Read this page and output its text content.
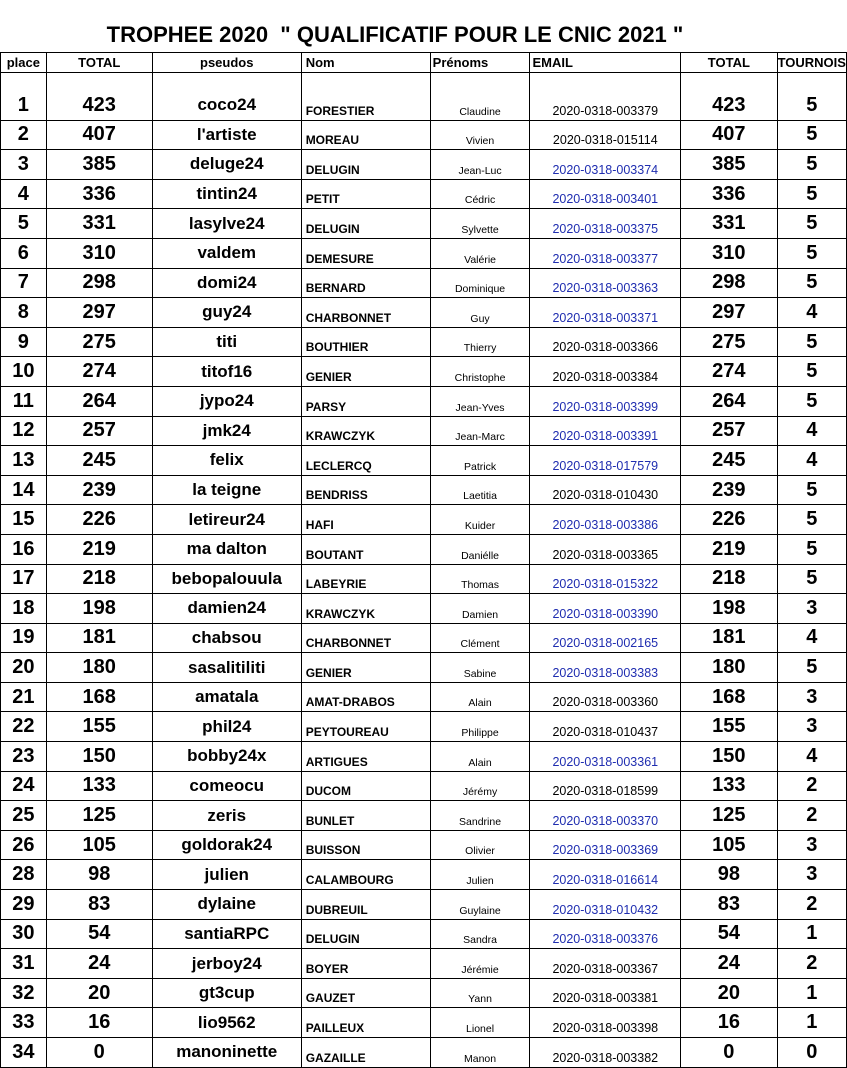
TROPHEE 2020  " QUALIFICATIF POUR LE CNIC 2021 "
place	TOTAL	pseudos	Nom	Prénoms	EMAIL	TOTAL	TOURNOIS

1	423	coco24	FORESTIER	Claudine	2020-0318-003379	423	5
2	407	l'artiste	MOREAU	Vivien	2020-0318-015114	407	5
3	385	deluge24	DELUGIN	Jean-Luc	2020-0318-003374	385	5
4	336	tintin24	PETIT	Cédric	2020-0318-003401	336	5
5	331	lasylve24	DELUGIN	Sylvette	2020-0318-003375	331	5
6	310	valdem	DEMESURE	Valérie	2020-0318-003377	310	5
7	298	domi24	BERNARD	Dominique	2020-0318-003363	298	5
8	297	guy24	CHARBONNET	Guy	2020-0318-003371	297	4
9	275	titi	BOUTHIER	Thierry	2020-0318-003366	275	5
10	274	titof16	GENIER	Christophe	2020-0318-003384	274	5
11	264	jypo24	PARSY	Jean-Yves	2020-0318-003399	264	5
12	257	jmk24	KRAWCZYK	Jean-Marc	2020-0318-003391	257	4
13	245	felix	LECLERCQ	Patrick	2020-0318-017579	245	4
14	239	la teigne	BENDRISS	Laetitia	2020-0318-010430	239	5
15	226	letireur24	HAFI	Kuider	2020-0318-003386	226	5
16	219	ma dalton	BOUTANT	Daniélle	2020-0318-003365	219	5
17	218	bebopalouula	LABEYRIE	Thomas	2020-0318-015322	218	5
18	198	damien24	KRAWCZYK	Damien	2020-0318-003390	198	3
19	181	chabsou	CHARBONNET	Clément	2020-0318-002165	181	4
20	180	sasalitiliti	GENIER	Sabine	2020-0318-003383	180	5
21	168	amatala	AMAT-DRABOS	Alain	2020-0318-003360	168	3
22	155	phil24	PEYTOUREAU	Philippe	2020-0318-010437	155	3
23	150	bobby24x	ARTIGUES	Alain	2020-0318-003361	150	4
24	133	comeocu	DUCOM	Jérémy	2020-0318-018599	133	2
25	125	zeris	BUNLET	Sandrine	2020-0318-003370	125	2
26	105	goldorak24	BUISSON	Olivier	2020-0318-003369	105	3
28	98	julien	CALAMBOURG	Julien	2020-0318-016614	98	3
29	83	dylaine	DUBREUIL	Guylaine	2020-0318-010432	83	2
30	54	santiaRPC	DELUGIN	Sandra	2020-0318-003376	54	1
31	24	jerboy24	BOYER	Jérémie	2020-0318-003367	24	2
32	20	gt3cup	GAUZET	Yann	2020-0318-003381	20	1
33	16	lio9562	PAILLEUX	Lionel	2020-0318-003398	16	1
34	0	manoninette	GAZAILLE	Manon	2020-0318-003382	0	0
